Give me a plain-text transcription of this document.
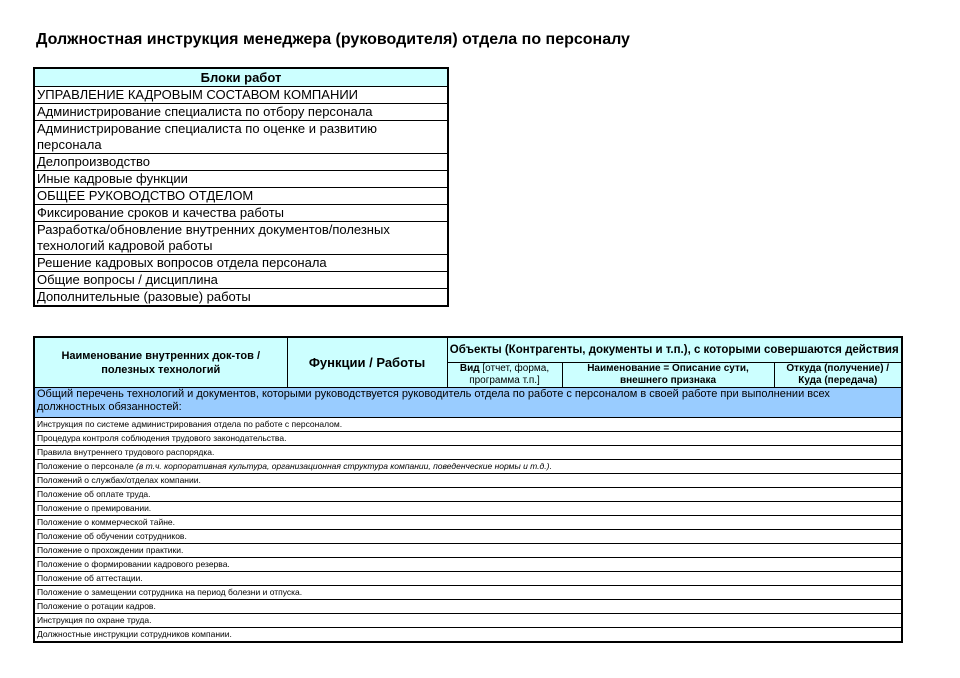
Должностная инструкция менеджера (руководителя) отдела по персоналу
Блоки работ
УПРАВЛЕНИЕ КАДРОВЫМ СОСТАВОМ КОМПАНИИ
Администрирование специалиста по отбору персонала
Администрирование специалиста по оценке и развитию персонала
Делопроизводство
Иные кадровые функции
ОБЩЕЕ РУКОВОДСТВО ОТДЕЛОМ
Фиксирование сроков и качества работы
Разработка/обновление внутренних документов/полезных технологий кадровой работы
Решение кадровых вопросов отдела персонала
Общие вопросы / дисциплина
Дополнительные (разовые) работы
Наименование внутренних док-тов / полезных технологий	Функции / Работы	Объекты (Контрагенты, документы и т.п.), с которыми совершаются действия		
		Вид [отчет, форма, программа т.п.]	Наименование = Описание сути, внешнего признака	Откуда (получение) / Куда (передача)
Общий перечень технологий и документов, которыми руководствуется руководитель отдела по работе с персоналом в своей работе при выполнении всех должностных обязанностей:				
Инструкция по системе администрирования отдела по работе с персоналом.				
Процедура контроля соблюдения трудового законодательства.				
Правила внутреннего трудового распорядка.				
Положение о персонале (в т.ч. корпоративная культура, организационная структура компании, поведенческие нормы и т.д.).				
Положений о службах/отделах компании.				
Положение об оплате труда.				
Положение о премировании.				
Положение о коммерческой тайне.				
Положение об обучении сотрудников.				
Положение о прохождении практики.				
Положение о формировании кадрового резерва.				
Положение об аттестации.				
Положение о замещении сотрудника на период болезни и отпуска.				
Положение о ротации кадров.				
Инструкция по охране труда.				
Должностные инструкции сотрудников компании.				
